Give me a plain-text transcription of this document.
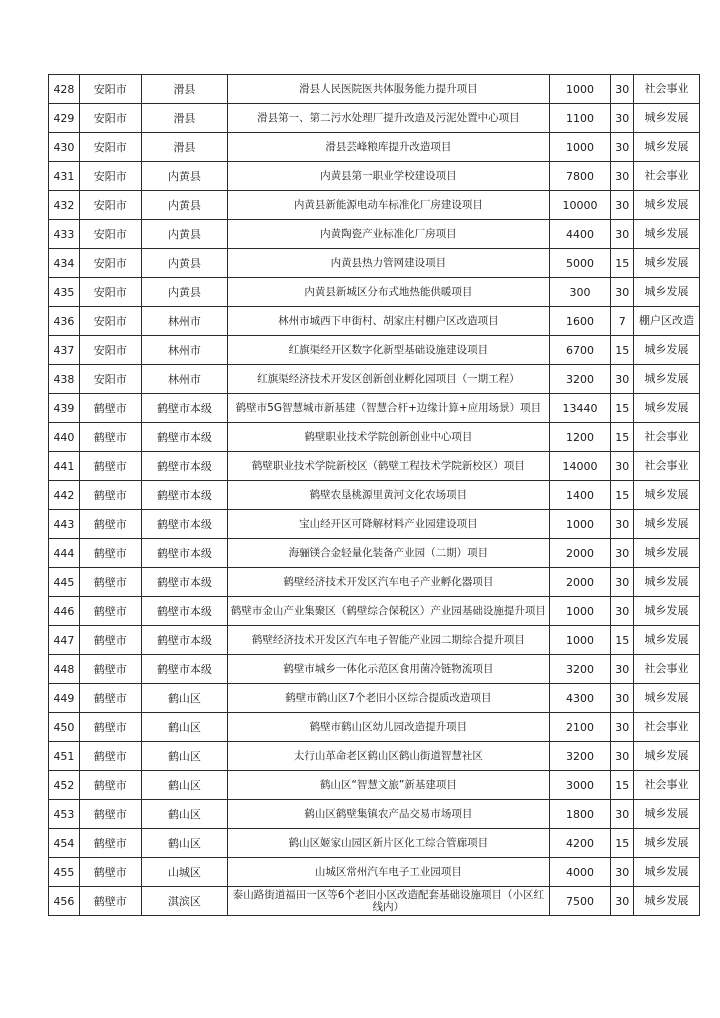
428	安阳市	滑县	滑县人民医院医共体服务能力提升项目	1000	30	社会事业
429	安阳市	滑县	滑县第一、第二污水处理厂提升改造及污泥处置中心项目	1100	30	城乡发展
430	安阳市	滑县	滑县芸峰粮库提升改造项目	1000	30	城乡发展
431	安阳市	内黄县	内黄县第一职业学校建设项目	7800	30	社会事业
432	安阳市	内黄县	内黄县新能源电动车标准化厂房建设项目	10000	30	城乡发展
433	安阳市	内黄县	内黄陶瓷产业标准化厂房项目	4400	30	城乡发展
434	安阳市	内黄县	内黄县热力管网建设项目	5000	15	城乡发展
435	安阳市	内黄县	内黄县新城区分布式地热能供暖项目	300	30	城乡发展
436	安阳市	林州市	林州市城西下申街村、胡家庄村棚户区改造项目	1600	7	棚户区改造
437	安阳市	林州市	红旗渠经开区数字化新型基础设施建设项目	6700	15	城乡发展
438	安阳市	林州市	红旗渠经济技术开发区创新创业孵化园项目（一期工程）	3200	30	城乡发展
439	鹤壁市	鹤壁市本级	鹤壁市5G智慧城市新基建（智慧合杆+边缘计算+应用场景）项目	13440	15	城乡发展
440	鹤壁市	鹤壁市本级	鹤壁职业技术学院创新创业中心项目	1200	15	社会事业
441	鹤壁市	鹤壁市本级	鹤壁职业技术学院新校区（鹤壁工程技术学院新校区）项目	14000	30	社会事业
442	鹤壁市	鹤壁市本级	鹤壁农垦桃源里黄河文化农场项目	1400	15	城乡发展
443	鹤壁市	鹤壁市本级	宝山经开区可降解材料产业园建设项目	1000	30	城乡发展
444	鹤壁市	鹤壁市本级	海骊镁合金轻量化装备产业园（二期）项目	2000	30	城乡发展
445	鹤壁市	鹤壁市本级	鹤壁经济技术开发区汽车电子产业孵化器项目	2000	30	城乡发展
446	鹤壁市	鹤壁市本级	鹤壁市金山产业集聚区（鹤壁综合保税区）产业园基础设施提升项目	1000	30	城乡发展
447	鹤壁市	鹤壁市本级	鹤壁经济技术开发区汽车电子智能产业园二期综合提升项目	1000	15	城乡发展
448	鹤壁市	鹤壁市本级	鹤壁市城乡一体化示范区食用菌冷链物流项目	3200	30	社会事业
449	鹤壁市	鹤山区	鹤壁市鹤山区7个老旧小区综合提质改造项目	4300	30	城乡发展
450	鹤壁市	鹤山区	鹤壁市鹤山区幼儿园改造提升项目	2100	30	社会事业
451	鹤壁市	鹤山区	太行山革命老区鹤山区鹤山街道智慧社区	3200	30	城乡发展
452	鹤壁市	鹤山区	鹤山区“智慧文旅”新基建项目	3000	15	社会事业
453	鹤壁市	鹤山区	鹤山区鹤壁集镇农产品交易市场项目	1800	30	城乡发展
454	鹤壁市	鹤山区	鹤山区姬家山园区新片区化工综合管廊项目	4200	15	城乡发展
455	鹤壁市	山城区	山城区常州汽车电子工业园项目	4000	30	城乡发展
456	鹤壁市	淇滨区	泰山路街道福田一区等6个老旧小区改造配套基础设施项目（小区红线内）	7500	30	城乡发展
